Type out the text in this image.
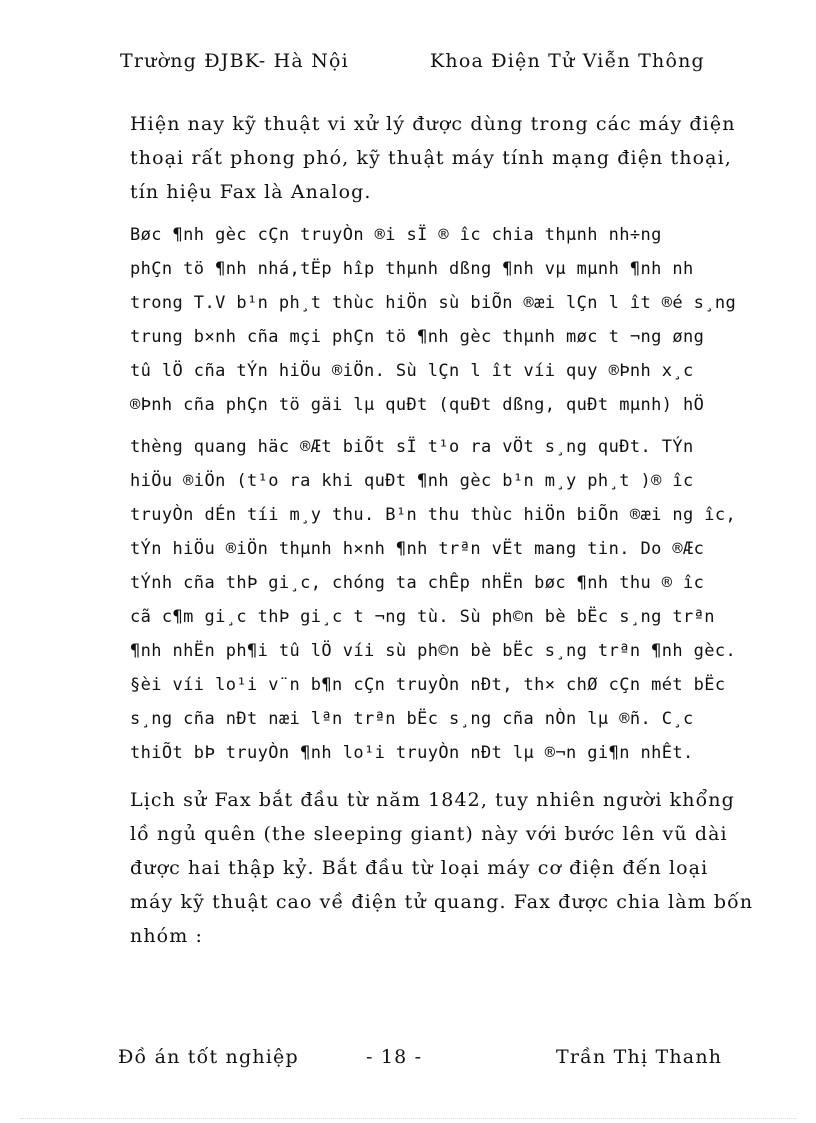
Trường ĐJBK- Hà Nội	Khoa Điện Tử Viễn Thông
Hiện nay kỹ thuật vi xử lý được dùng trong các máy điện
thoại rất phong phó, kỹ thuật máy tính mạng điện thoại,
tín hiệu Fax là Analog.
Bøc ¶nh gèc cÇn truyÒn ®i sÏ ® îc chia thµnh nh÷ng
phÇn tö ¶nh nhá,tËp hîp thµnh dßng ¶nh vµ mµnh ¶nh nh
trong T.V b¹n ph¸t thùc hiÖn sù biÕn ®æi lÇn l ît ®é s¸ng
trung b×nh cña mçi phÇn tö ¶nh gèc thµnh møc t ¬ng øng
tû lÖ cña tÝn hiÖu ®iÖn. Sù lÇn l ît víi quy ®Þnh x¸c
®Þnh cña phÇn tö gäi lµ quÐt (quÐt dßng, quÐt mµnh) hÖ
thèng quang häc ®Æt biÕt sÏ t¹o ra vÖt s¸ng quÐt. TÝn
hiÖu ®iÖn (t¹o ra khi quÐt ¶nh gèc b¹n m¸y ph¸t )® îc
truyÒn dÉn tíi m¸y thu. B¹n thu thùc hiÖn biÕn ®æi ng îc,
tÝn hiÖu ®iÖn thµnh h×nh ¶nh trªn vËt mang tin. Do ®Æc
tÝnh cña thÞ gi¸c, chóng ta chÊp nhËn bøc ¶nh thu ® îc
cã c¶m gi¸c thÞ gi¸c t ¬ng tù. Sù ph©n bè bËc s¸ng trªn
¶nh nhËn ph¶i tû lÖ víi sù ph©n bè bËc s¸ng trªn ¶nh gèc.
§èi víi lo¹i v¨n b¶n cÇn truyÒn nÐt, th× chØ cÇn mét bËc
s¸ng cña nÐt næi lªn trªn bËc s¸ng cña nÒn lµ ®ñ. C¸c
thiÕt bÞ truyÒn ¶nh lo¹i truyÒn nÐt lµ ®¬n gi¶n nhÊt.
Lịch sử Fax bắt đầu từ năm 1842, tuy nhiên người khổng
lồ ngủ quên (the sleeping giant) này với bước lên vũ dài
được hai thập kỷ. Bắt đầu từ loại máy cơ điện đến loại
máy kỹ thuật cao về điện tử quang. Fax được chia làm bốn
nhóm :
Đồ án tốt nghiệp	- 18 -	Trần Thị Thanh
